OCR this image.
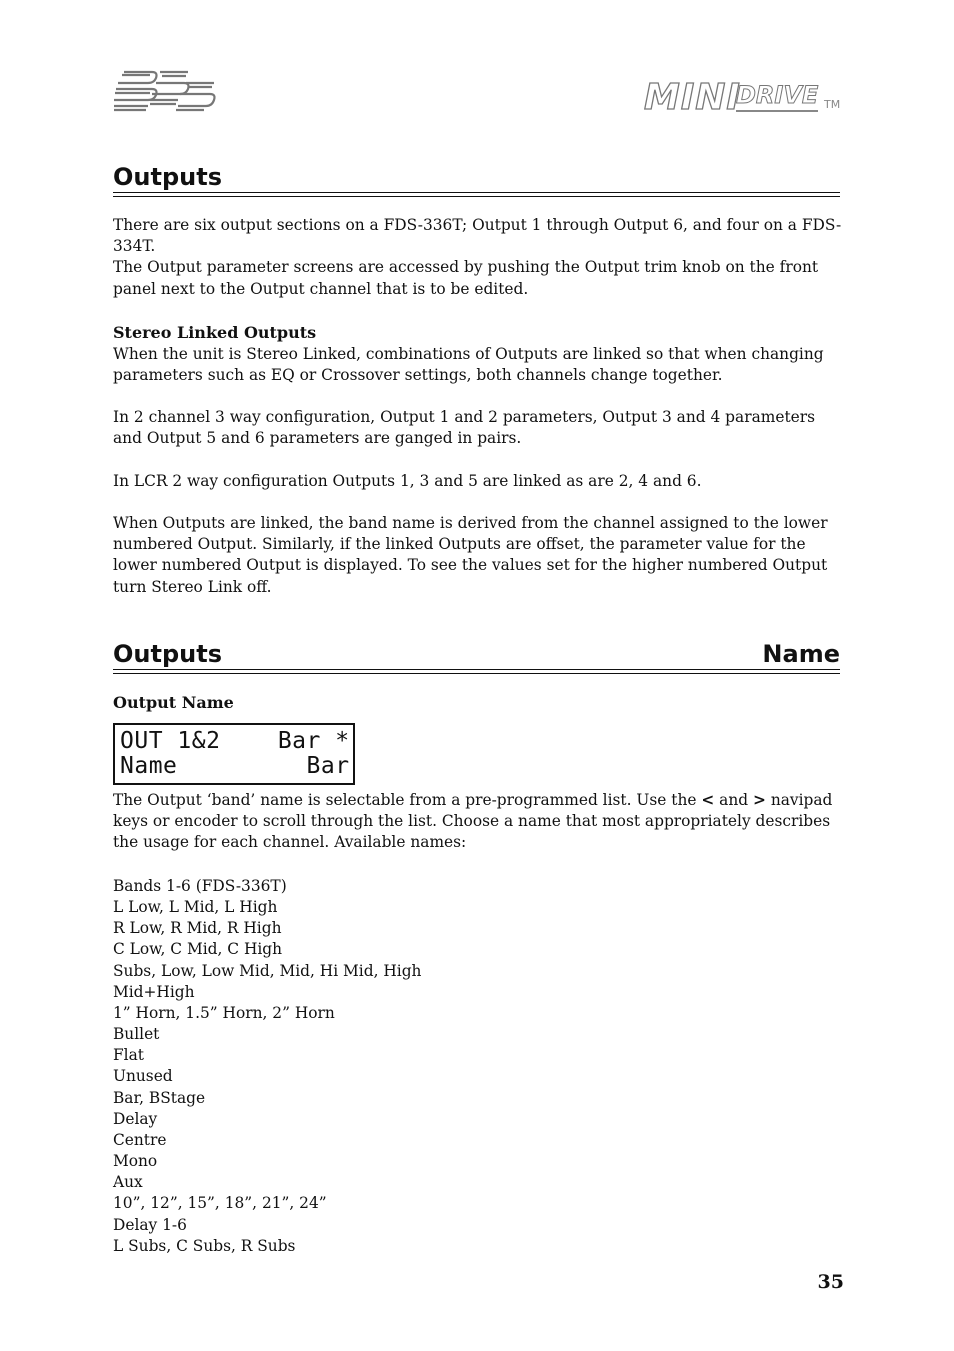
MINI
DRIVE TM
Outputs

There are six output sections on a FDS-336T; Output 1 through Output 6, and four on a FDS-334T.

The Output parameter screens are accessed by pushing the Output trim knob on the front panel next to the Output channel that is to be edited.

Stereo Linked Outputs
When the unit is Stereo Linked, combinations of Outputs are linked so that when changing parameters such as EQ or Crossover settings, both channels change together.
In 2 channel 3 way configuration, Output 1 and 2 parameters, Output 3 and 4 parameters and Output 5 and 6 parameters are ganged in pairs.
In LCR 2 way configuration Outputs 1, 3 and 5 are linked as are 2, 4 and 6.
When Outputs are linked, the band name is derived from the channel assigned to the lower numbered Output. Similarly, if the linked Outputs are offset, the parameter value for the lower numbered Output is displayed. To see the values set for the higher numbered Output turn Stereo Link off.
Outputs	Name
Output Name
OUT 1&2    Bar *
Name         Bar
The Output ‘band’ name is selectable from a pre-programmed list. Use the < and > navipad keys or encoder to scroll through the list. Choose a name that most appropriately describes the usage for each channel. Available names:
Bands 1-6 (FDS-336T)
L Low, L Mid, L High
R Low, R Mid, R High
C Low, C Mid, C High
Subs, Low, Low Mid, Mid, Hi Mid, High
Mid+High
1” Horn, 1.5” Horn, 2” Horn
Bullet
Flat
Unused
Bar, BStage
Delay
Centre
Mono
Aux
10”, 12”, 15”, 18”, 21”, 24”
Delay 1-6
L Subs, C Subs, R Subs
35
